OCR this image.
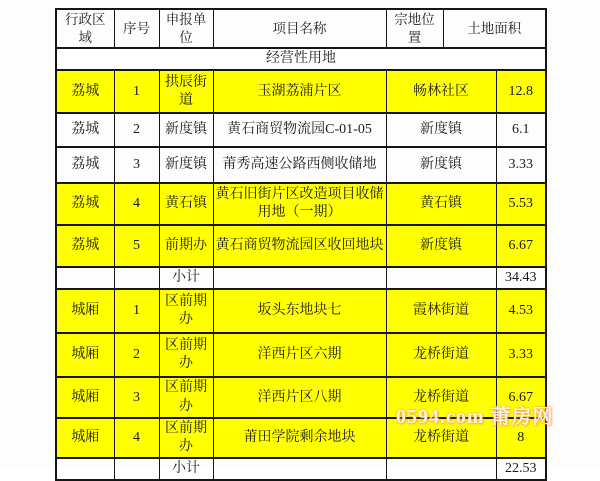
行政区域	序号	申报单位	项目名称	宗地位置	土地面积	
经营性用地						
荔城	1	拱辰街道	玉湖荔浦片区	畅林社区		12.8
荔城	2	新度镇	黄石商贸物流园C-01-05	新度镇		6.1
荔城	3	新度镇	莆秀高速公路西侧收储地	新度镇		3.33
荔城	4	黄石镇	黄石旧街片区改造项目收储用地（一期）	黄石镇		5.53
荔城	5	前期办	黄石商贸物流园区收回地块	新度镇		6.67
		小计				34.43
城厢	1	区前期办	坂头东地块七	霞林街道		4.53
城厢	2	区前期办	洋西片区六期	龙桥街道		3.33
城厢	3	区前期办	洋西片区八期	龙桥街道		6.67
城厢	4	区前期办	莆田学院剩余地块	龙桥街道		8
		小计				22.53
0594.com 莆房网
